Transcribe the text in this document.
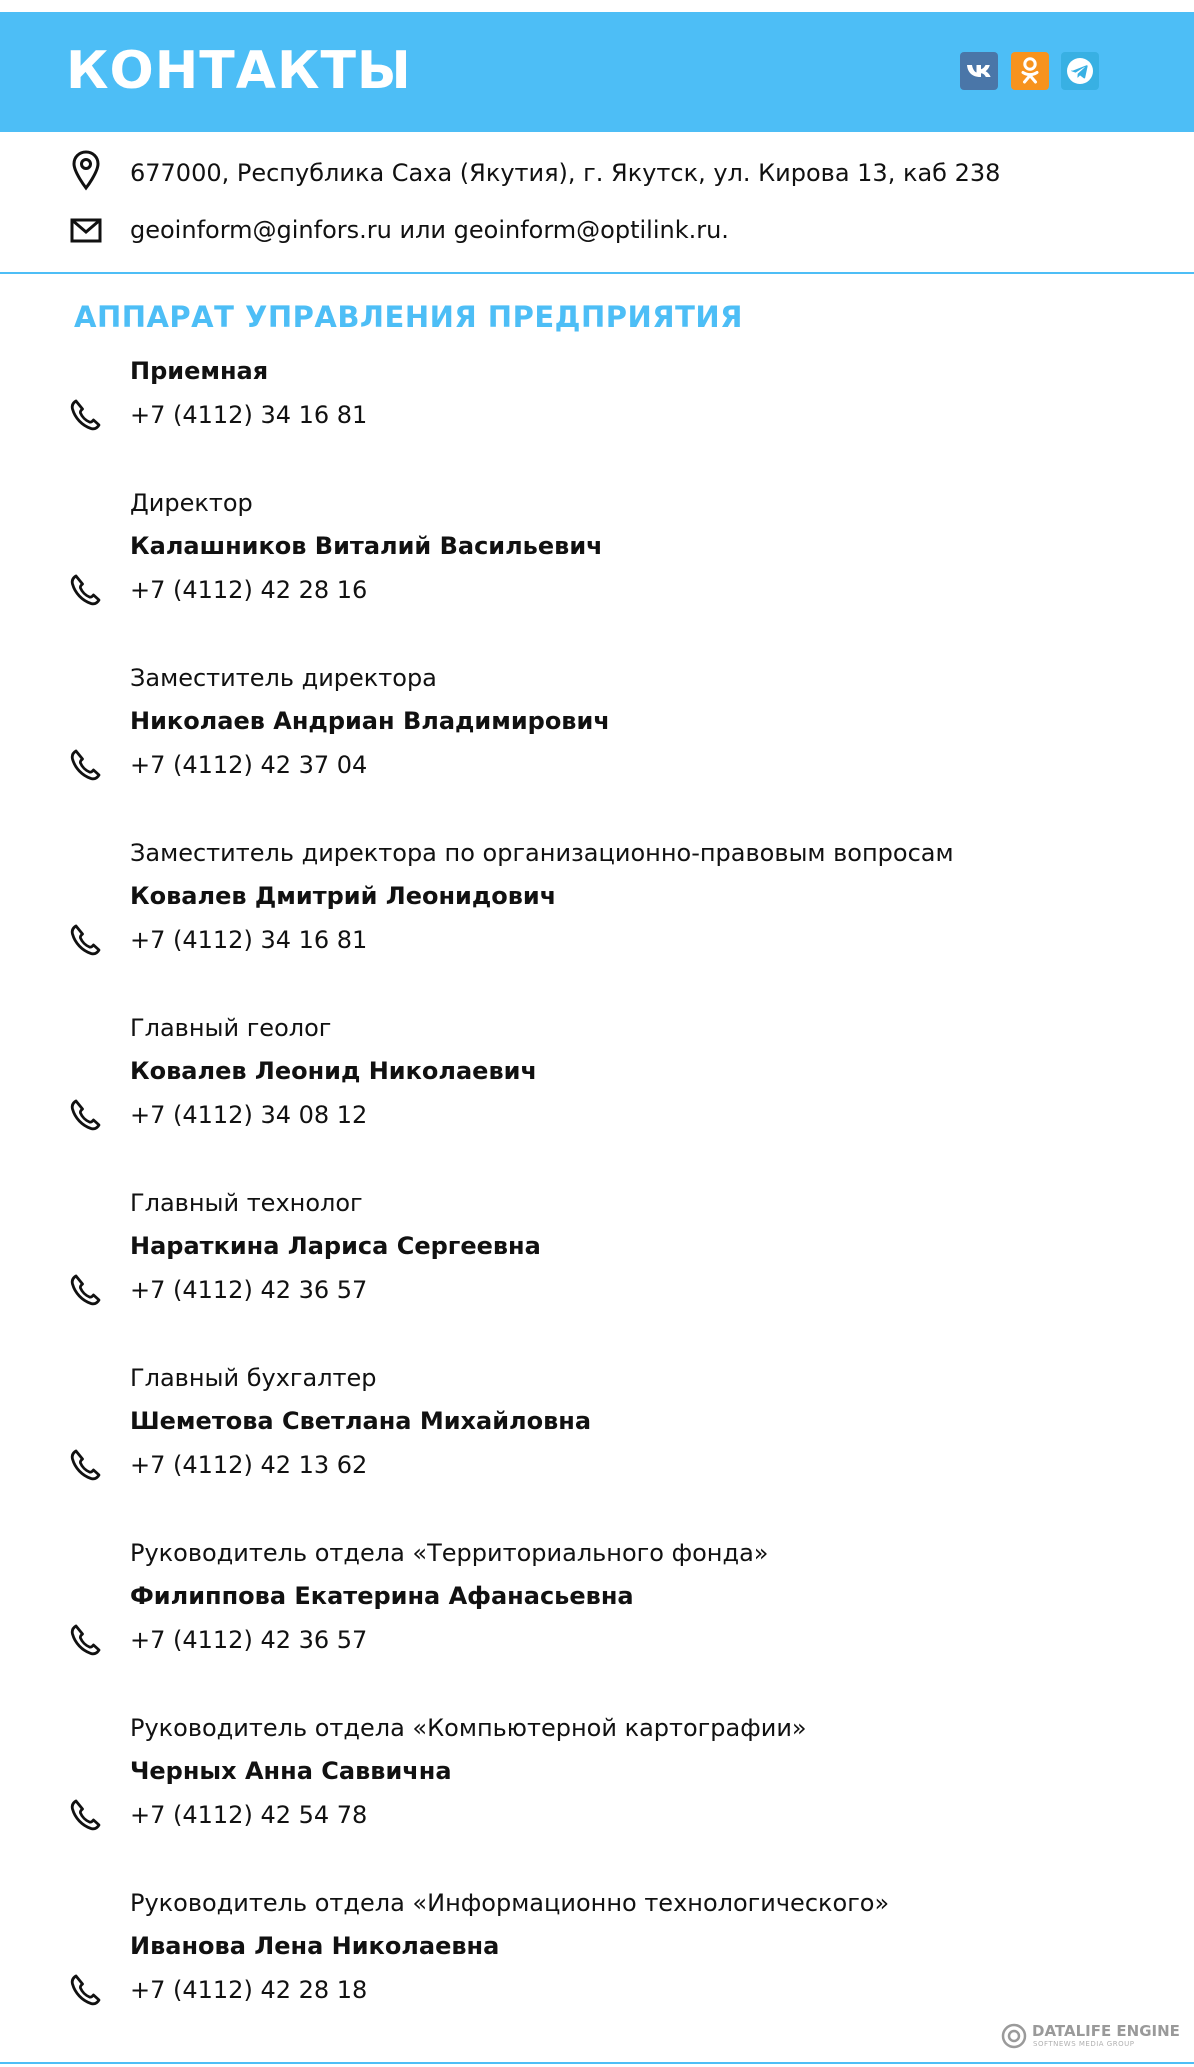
КОНТАКТЫ
677000, Республика Саха (Якутия), г. Якутск, ул. Кирова 13, каб 238
geoinform@ginfors.ru или geoinform@optilink.ru.
АППАРАТ УПРАВЛЕНИЯ ПРЕДПРИЯТИЯ
Приемная
+7 (4112) 34 16 81
Директор
Калашников Виталий Васильевич
+7 (4112) 42 28 16
Заместитель директора
Николаев Андриан Владимирович
+7 (4112) 42 37 04
Заместитель директора по организационно-правовым вопросам
Ковалев Дмитрий Леонидович
+7 (4112) 34 16 81
Главный геолог
Ковалев Леонид Николаевич
+7 (4112) 34 08 12
Главный технолог
Нараткина Лариса Сергеевна
+7 (4112) 42 36 57
Главный бухгалтер
Шеметова Светлана Михайловна
+7 (4112) 42 13 62
Руководитель отдела «Территориального фонда»
Филиппова Екатерина Афанасьевна
+7 (4112) 42 36 57
Руководитель отдела «Компьютерной картографии»
Черных Анна Саввична
+7 (4112) 42 54 78
Руководитель отдела «Информационно технологического»
Иванова Лена Николаевна
+7 (4112) 42 28 18
DATALIFE ENGINE
SOFTNEWS MEDIA GROUP
